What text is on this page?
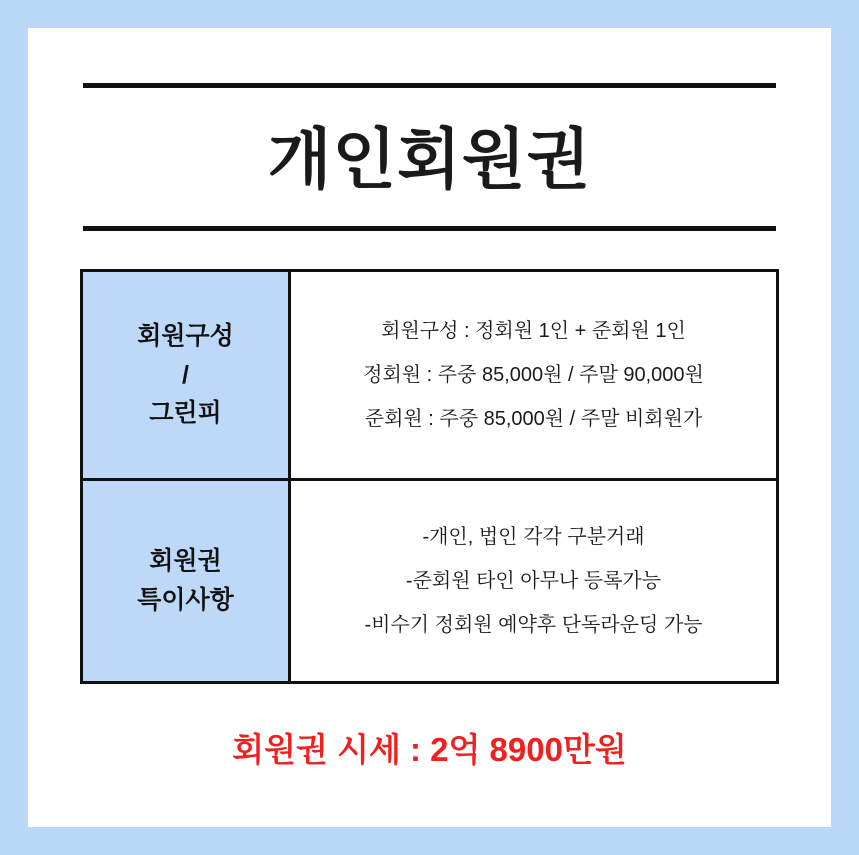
개인회원권
회원구성
/
그린피
회원구성 : 정회원 1인 + 준회원 1인
정회원 : 주중 85,000원 / 주말 90,000원
준회원 : 주중 85,000원 / 주말 비회원가
회원권
특이사항
-개인, 법인 각각 구분거래
-준회원 타인 아무나 등록가능
-비수기 정회원 예약후 단독라운딩 가능
회원권 시세 : 2억 8900만원
